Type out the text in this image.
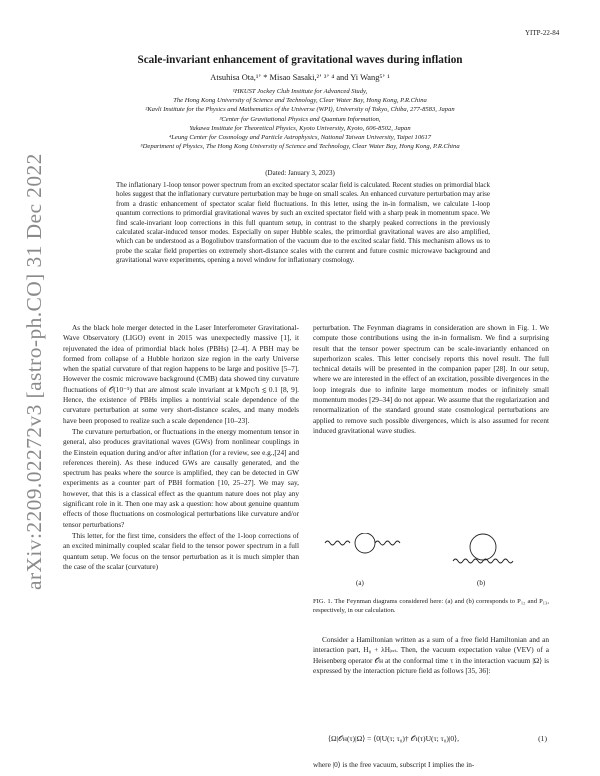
YITP-22-84
arXiv:2209.02272v3 [astro-ph.CO] 31 Dec 2022
Scale-invariant enhancement of gravitational waves during inflation
Atsuhisa Ota,¹ʼ * Misao Sasaki,²ʼ ³ʼ ⁴ and Yi Wang⁵ʼ ¹
¹HKUST Jockey Club Institute for Advanced Study,
The Hong Kong University of Science and Technology, Clear Water Bay, Hong Kong, P.R.China
²Kavli Institute for the Physics and Mathematics of the Universe (WPI), University of Tokyo, Chiba, 277-8583, Japan
³Center for Gravitational Physics and Quantum Information,
Yukawa Institute for Theoretical Physics, Kyoto University, Kyoto, 606-8502, Japan
⁴Leung Center for Cosmology and Particle Astrophysics, National Taiwan University, Taipei 10617
⁵Department of Physics, The Hong Kong University of Science and Technology, Clear Water Bay, Hong Kong, P.R.China
(Dated: January 3, 2023)
The inflationary 1-loop tensor power spectrum from an excited spectator scalar field is calculated. Recent studies on primordial black holes suggest that the inflationary curvature perturbation may be huge on small scales. An enhanced curvature perturbation may arise from a drastic enhancement of spectator scalar field fluctuations. In this letter, using the in-in formalism, we calculate 1-loop quantum corrections to primordial gravitational waves by such an excited spectator field with a sharp peak in momentum space. We find scale-invariant loop corrections in this full quantum setup, in contrast to the sharply peaked corrections in the previously calculated scalar-induced tensor modes. Especially on super Hubble scales, the primordial gravitational waves are also amplified, which can be understood as a Bogoliubov transformation of the vacuum due to the excited scalar field. This mechanism allows us to probe the scalar field properties on extremely short-distance scales with the current and future cosmic microwave background and gravitational wave experiments, opening a novel window for inflationary cosmology.

As the black hole merger detected in the Laser Interferometer Gravitational-Wave Observatory (LIGO) event in 2015 was unexpectedly massive [1], it rejuvenated the idea of primordial black holes (PBHs) [2–4]. A PBH may be formed from collapse of a Hubble horizon size region in the early Universe when the spatial curvature of that region happens to be large and positive [5–7]. However the cosmic microwave background (CMB) data showed tiny curvature fluctuations of 𝒪(10⁻⁵) that are almost scale invariant at k Mpc/h ≲ 0.1 [8, 9]. Hence, the existence of PBHs implies a nontrivial scale dependence of the curvature perturbation at some very short-distance scales, and many models have been proposed to realize such a scale dependence [10–23].

The curvature perturbation, or fluctuations in the energy momentum tensor in general, also produces gravitational waves (GWs) from nonlinear couplings in the Einstein equation during and/or after inflation (for a review, see e.g.,[24] and references therein). As these induced GWs are causally generated, and the spectrum has peaks where the source is amplified, they can be detected in GW experiments as a counter part of PBH formation [10, 25–27]. We may say, however, that this is a classical effect as the quantum nature does not play any significant role in it. Then one may ask a question: how about genuine quantum effects of those fluctuations on cosmological perturbations like curvature and/or tensor perturbations?

This letter, for the first time, considers the effect of the 1-loop corrections of an excited minimally coupled scalar field to the tensor power spectrum in a full quantum setup. We focus on the tensor perturbation as it is much simpler than the case of the scalar (curvature)

perturbation. The Feynman diagrams in consideration are shown in Fig. 1. We compute those contributions using the in-in formalism. We find a surprising result that the tensor power spectrum can be scale-invariantly enhanced on superhorizon scales. This letter concisely reports this novel result. The full technical details will be presented in the companion paper [28]. In our setup, where we are interested in the effect of an excitation, possible divergences in the loop integrals due to infinite large momentum modes or infinitely small momentum modes [29–34] do not appear. We assume that the regularization and renormalization of the standard ground state cosmological perturbations are applied to remove such possible divergences, which is also assumed for recent induced gravitational wave studies.

(a)	(b)
FIG. 1. The Feynman diagrams considered here: (a) and (b) corresponds to P₁₂ and P₁₃, respectively, in our calculation.

Consider a Hamiltonian written as a sum of a free field Hamiltonian and an interaction part, H₀ + λHᵢₙₜ. Then, the vacuum expectation value (VEV) of a Heisenberg operator 𝒪ʜ at the conformal time τ in the interaction vacuum |Ω⟩ is expressed by the interaction picture field as follows [35, 36]:

⟨Ω|𝒪ʜ(τ)|Ω⟩ = ⟨0|U(τ; τ₀)† 𝒪ɪ(τ)U(τ; τ₀)|0⟩,	(1)
where |0⟩ is the free vacuum, subscript I implies the in-
